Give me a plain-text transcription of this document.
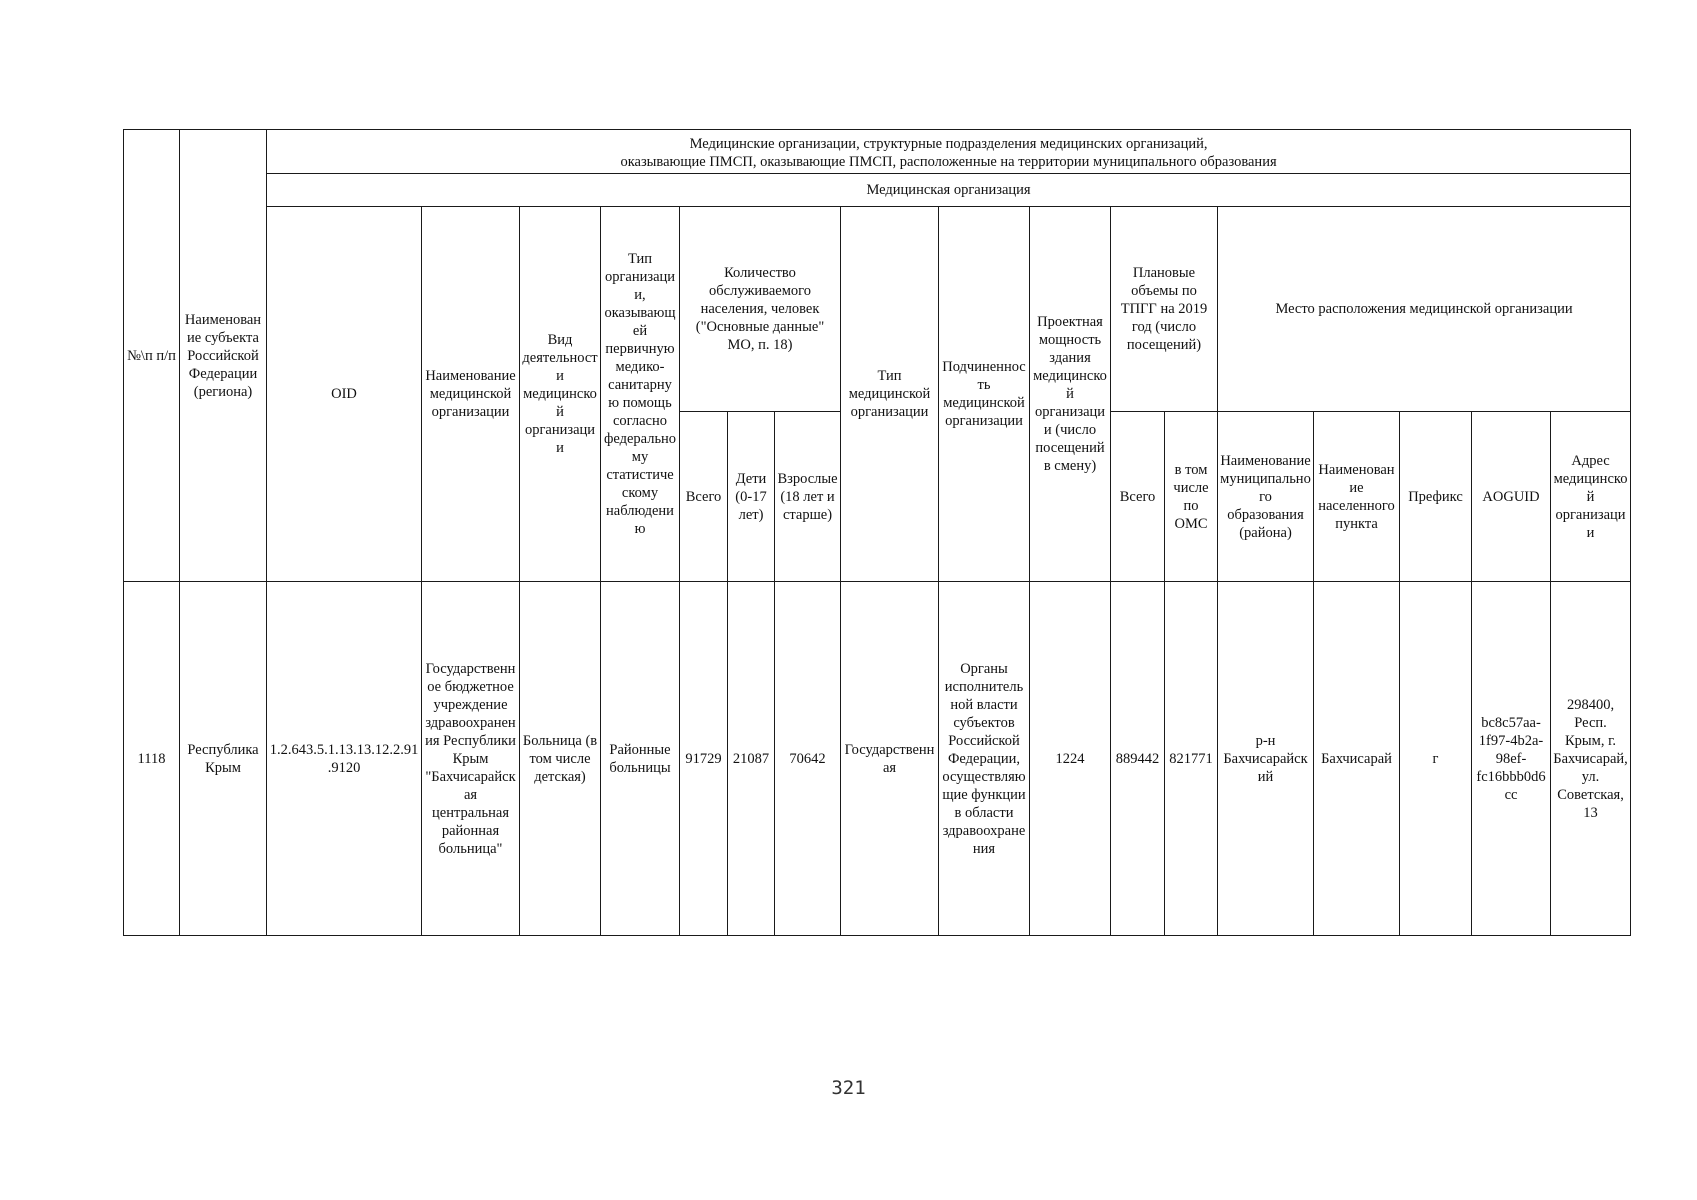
№\п п/п	Наименование субъекта Российской Федерации (региона)	Медицинские организации, структурные подразделения медицинских организаций,
оказывающие ПМСП, оказывающие ПМСП, расположенные на территории муниципального образования																
		Медицинская организация																
		OID	Наименование медицинской организации	Вид деятельности медицинской организации	Тип организации, оказывающей первичную медико-санитарную помощь согласно федеральному статистическому наблюдению	Количество обслуживаемого населения, человек ("Основные данные" МО, п. 18)			Тип медицинской организации	Подчиненность медицинской организации	Проектная мощность здания медицинской организации (число посещений в смену)	Плановые объемы по ТПГГ на 2019 год (число посещений)		Место расположения медицинской организации				
						Всего	Дети (0-17 лет)	Взрослые (18 лет и старше)				Всего	в том числе по ОМС	Наименование муниципального образования (района)	Наименование населенного пункта	Префикс	AOGUID	Адрес медицинской организации

1118	Республика Крым	1.2.643.5.1.13.13.12.2.91.9120	Государственное бюджетное учреждение здравоохранения Республики Крым "Бахчисарайская центральная районная больница"	Больница (в том числе детская)	Районные больницы	91729	21087	70642	Государственная	Органы исполнительной власти субъектов Российской Федерации, осуществляющие функции в области здравоохранения	1224	889442	821771	р-н Бахчисарайский	Бахчисарай	г	bc8c57aa-1f97-4b2a-98ef-fc16bbb0d6cc	298400, Респ. Крым, г. Бахчисарай, ул. Советская, 13
321
